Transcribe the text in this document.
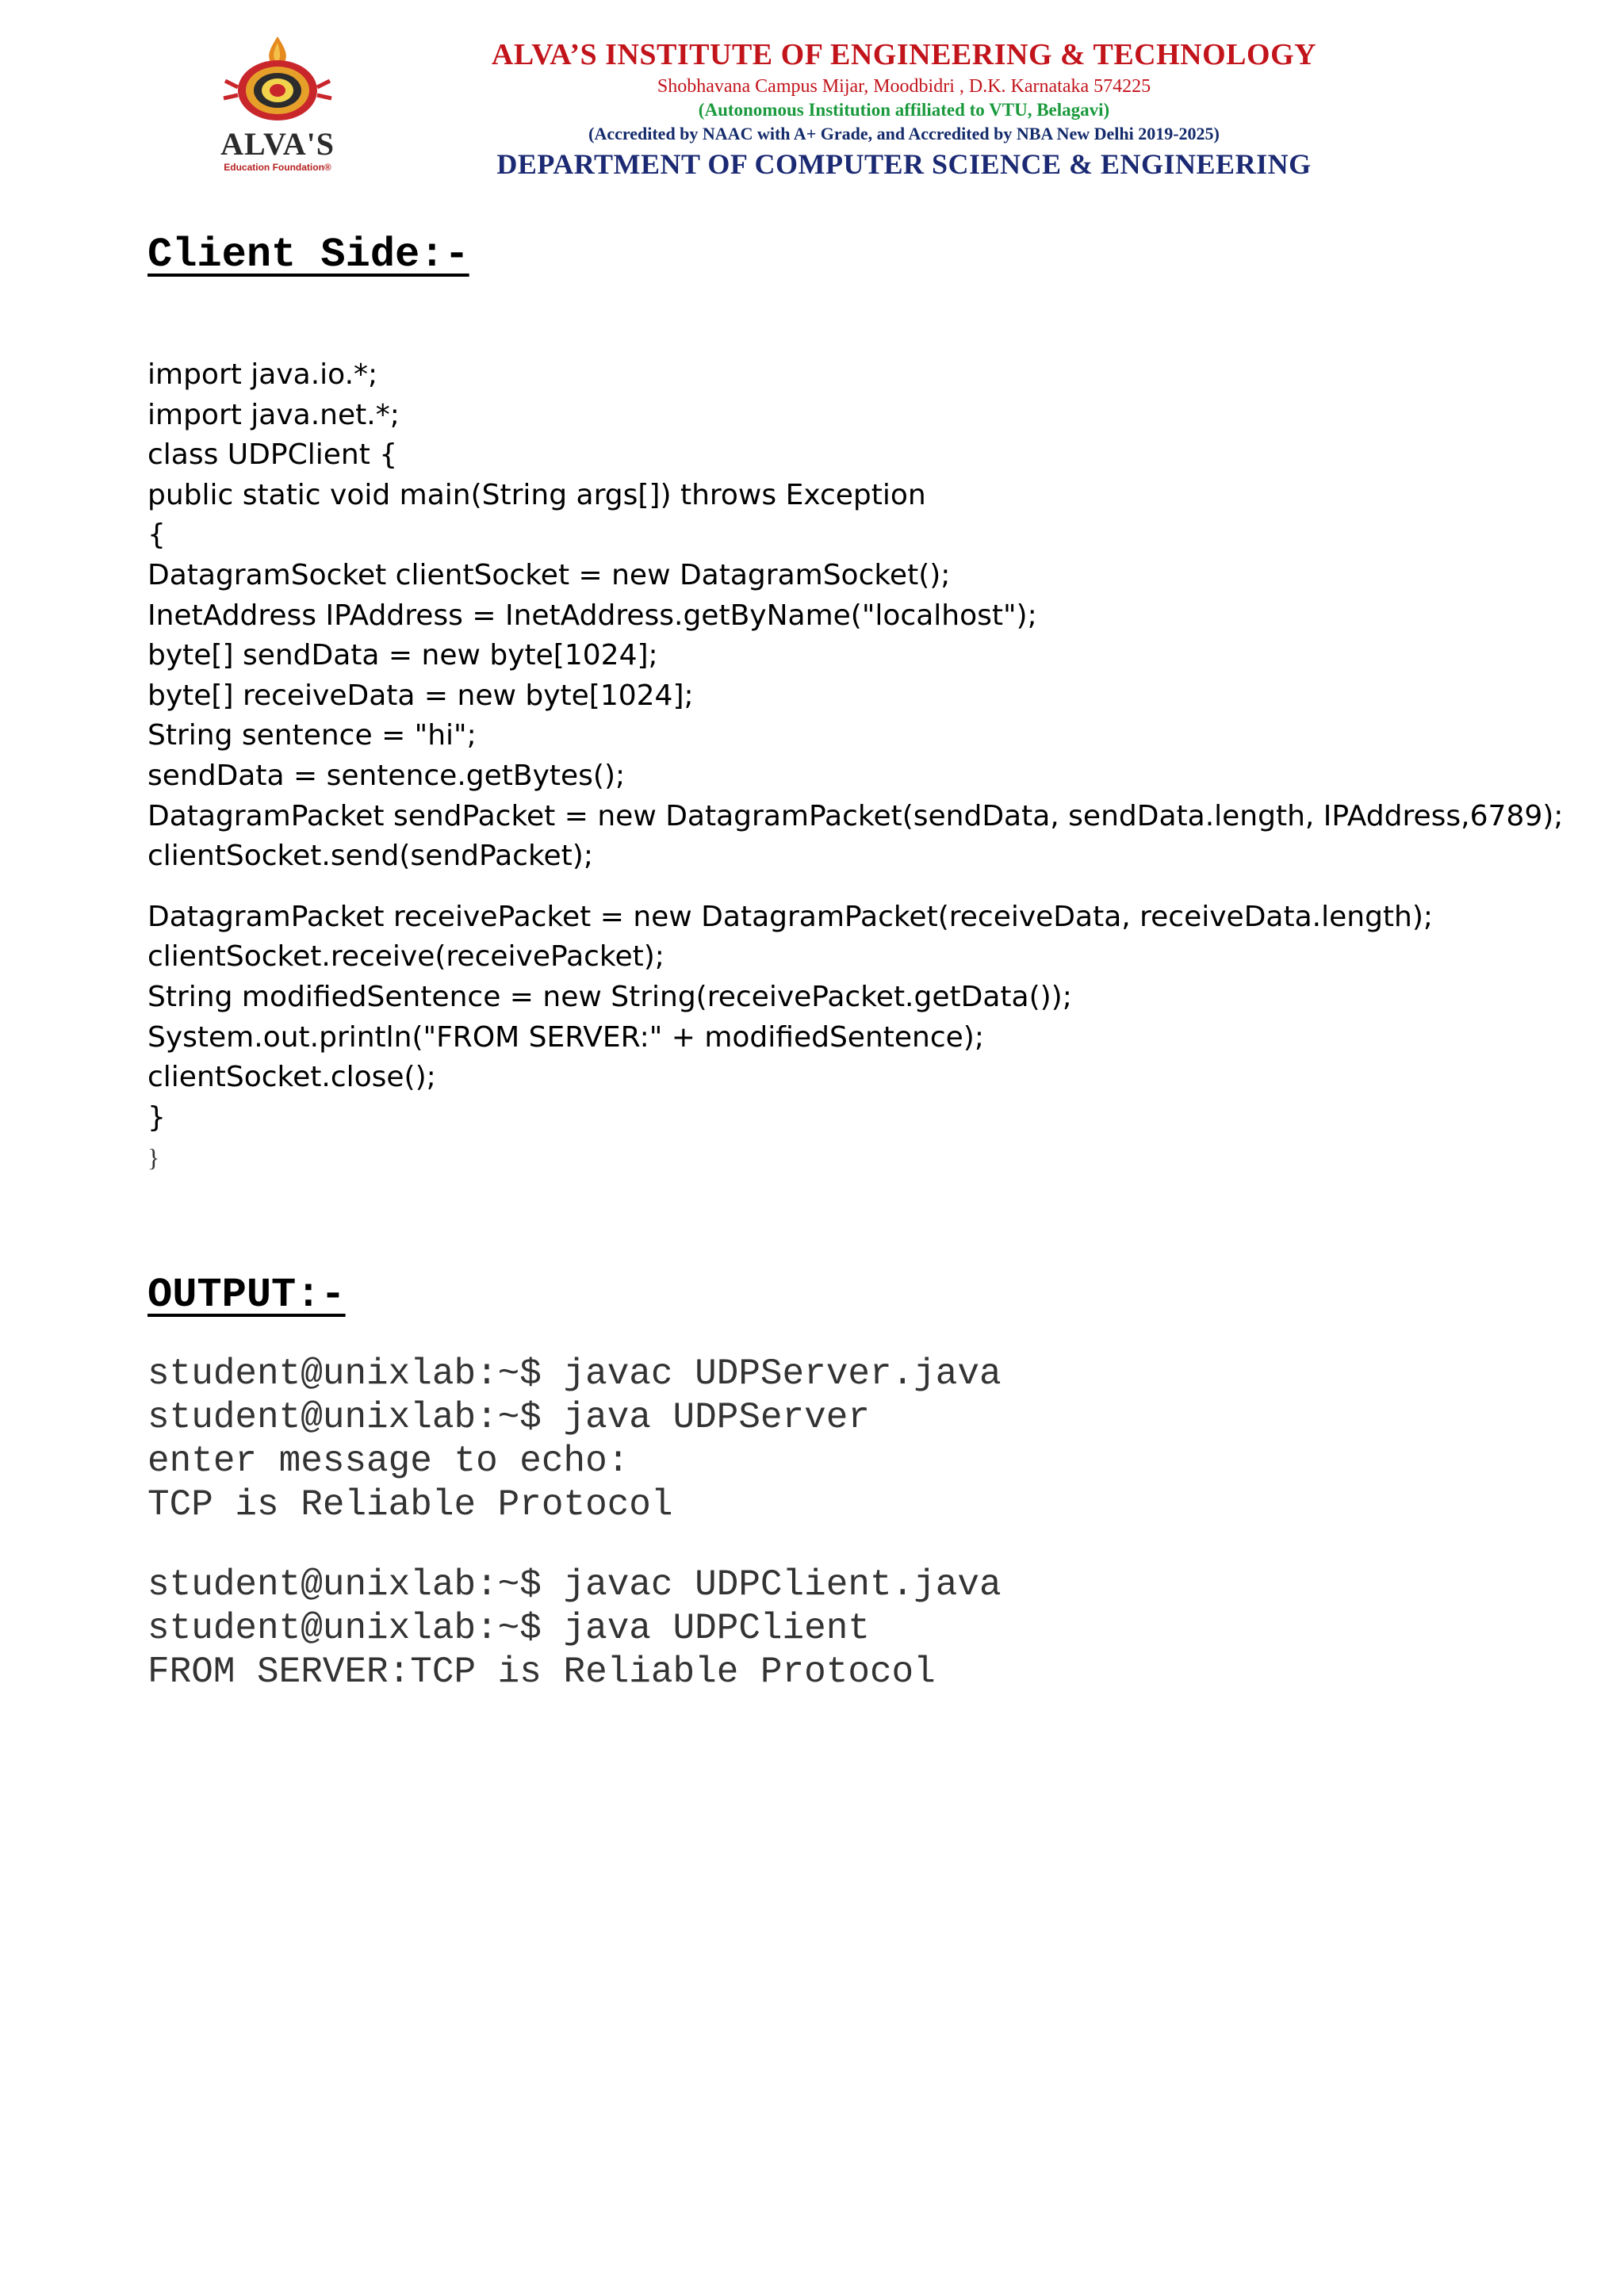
ALVA'S
Education Foundation®
ALVA’S INSTITUTE OF ENGINEERING & TECHNOLOGY
Shobhavana Campus Mijar, Moodbidri , D.K. Karnataka 574225
(Autonomous Institution affiliated to VTU, Belagavi)
(Accredited by NAAC with A+ Grade, and Accredited by NBA New Delhi 2019-2025)
DEPARTMENT OF COMPUTER SCIENCE & ENGINEERING
Client Side:-
import java.io.*;
import java.net.*;
class UDPClient {
public static void main(String args[]) throws Exception
{
DatagramSocket clientSocket = new DatagramSocket();
InetAddress IPAddress = InetAddress.getByName("localhost");
byte[] sendData = new byte[1024];
byte[] receiveData = new byte[1024];
String sentence = "hi";
sendData = sentence.getBytes();
DatagramPacket sendPacket = new DatagramPacket(sendData, sendData.length, IPAddress,6789);
clientSocket.send(sendPacket);
DatagramPacket receivePacket = new DatagramPacket(receiveData, receiveData.length);
clientSocket.receive(receivePacket);
String modifiedSentence = new String(receivePacket.getData());
System.out.println("FROM SERVER:" + modifiedSentence);
clientSocket.close();
}
}
OUTPUT:-
student@unixlab:~$ javac UDPServer.java
student@unixlab:~$ java UDPServer
enter message to echo:
TCP is Reliable Protocol
student@unixlab:~$ javac UDPClient.java
student@unixlab:~$ java UDPClient
FROM SERVER:TCP is Reliable Protocol
